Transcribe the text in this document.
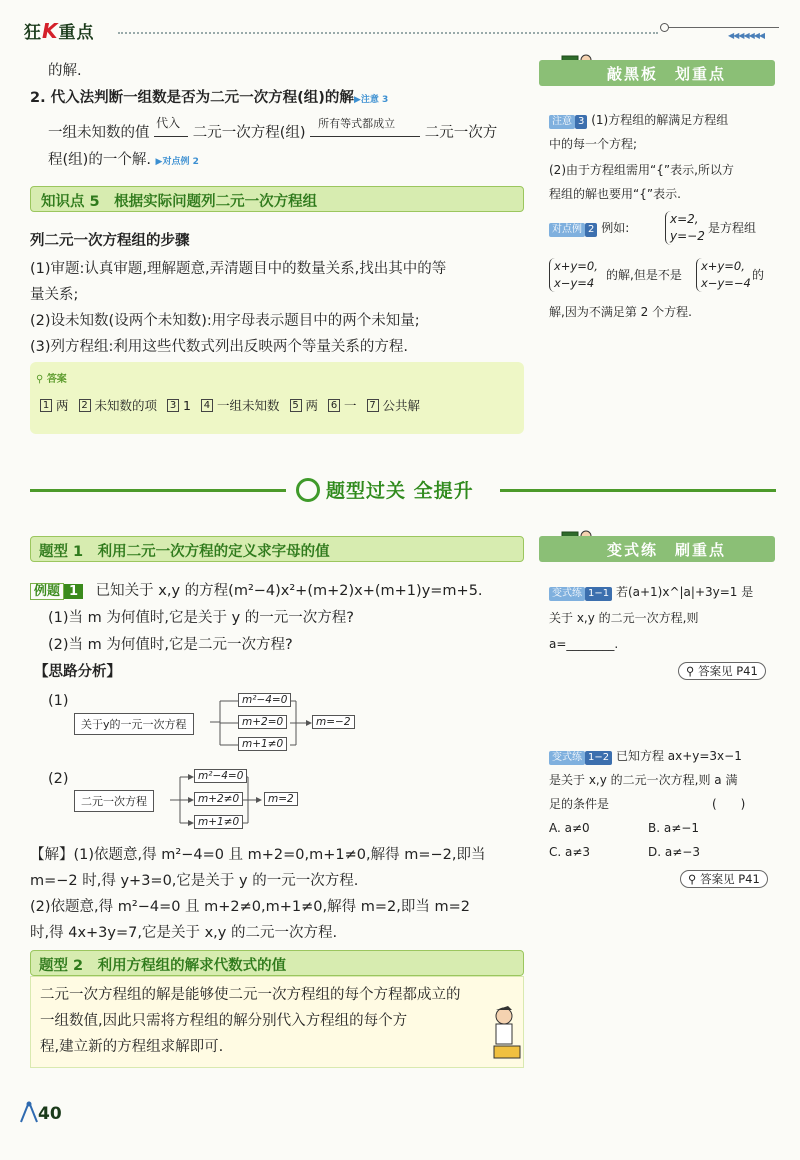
狂K重点	◀◀◀◀◀◀◀
的解.
2. 代入法判断一组数是否为二元一次方程(组)的解▶注意 3
一组未知数的值
代入
二元一次方程(组)
所有等式都成立
二元一次方
程(组)的一个解. ▶对点例 2
知识点 5　根据实际问题列二元一次方程组
列二元一次方程组的步骤
(1)审题:认真审题,理解题意,弄清题目中的数量关系,找出其中的等
量关系;
(2)设未知数(设两个未知数):用字母表示题目中的两个未知量;
(3)列方程组:利用这些代数式列出反映两个等量关系的方程.
⚲ 答案
1 两 2 未知数的项 3 1 4 一组未知数 5 两 6 一 7 公共解
敲黑板　划重点
注意 3 (1)方程组的解满足方程组
中的每一个方程;
(2)由于方程组需用“{”表示,所以方
程组的解也要用“{”表示.
对点例 2 例如:
x=2,
y=−2
是方程组
x+y=0,
x−y=4
的解,但是不是
x+y=0,
x−y=−4
的
解,因为不满足第 2 个方程.
题型过关 全提升
题型 1　利用二元一次方程的定义求字母的值
例题 1 已知关于 x,y 的方程(m²−4)x²+(m+2)x+(m+1)y=m+5.
(1)当 m 为何值时,它是关于 y 的一元一次方程?
(2)当 m 为何值时,它是二元一次方程?
【思路分析】
(1)
关于y的一元一次方程
m²−4=0
m+2=0
m+1≠0
m=−2
(2)
二元一次方程
m²−4=0
m+2≠0
m+1≠0
m=2
【解】(1)依题意,得 m²−4=0 且 m+2=0,m+1≠0,解得 m=−2,即当
m=−2 时,得 y+3=0,它是关于 y 的一元一次方程.
(2)依题意,得 m²−4=0 且 m+2≠0,m+1≠0,解得 m=2,即当 m=2
时,得 4x+3y=7,它是关于 x,y 的二元一次方程.
题型 2　利用方程组的解求代数式的值
二元一次方程组的解是能够使二元一次方程组的每个方程都成立的
一组数值,因此只需将方程组的解分别代入方程组的每个方
程,建立新的方程组求解即可.
变式练　刷重点
变式练 1−1 若(a+1)x^|a|+3y=1 是
关于 x,y 的二元一次方程,则
a=________.
⚲ 答案见 P41
变式练 1−2 已知方程 ax+y=3x−1
是关于 x,y 的二元一次方程,则 a 满
足的条件是	(　　)
A. a≠0	B. a≠−1
C. a≠3	D. a≠−3
⚲ 答案见 P41
40
